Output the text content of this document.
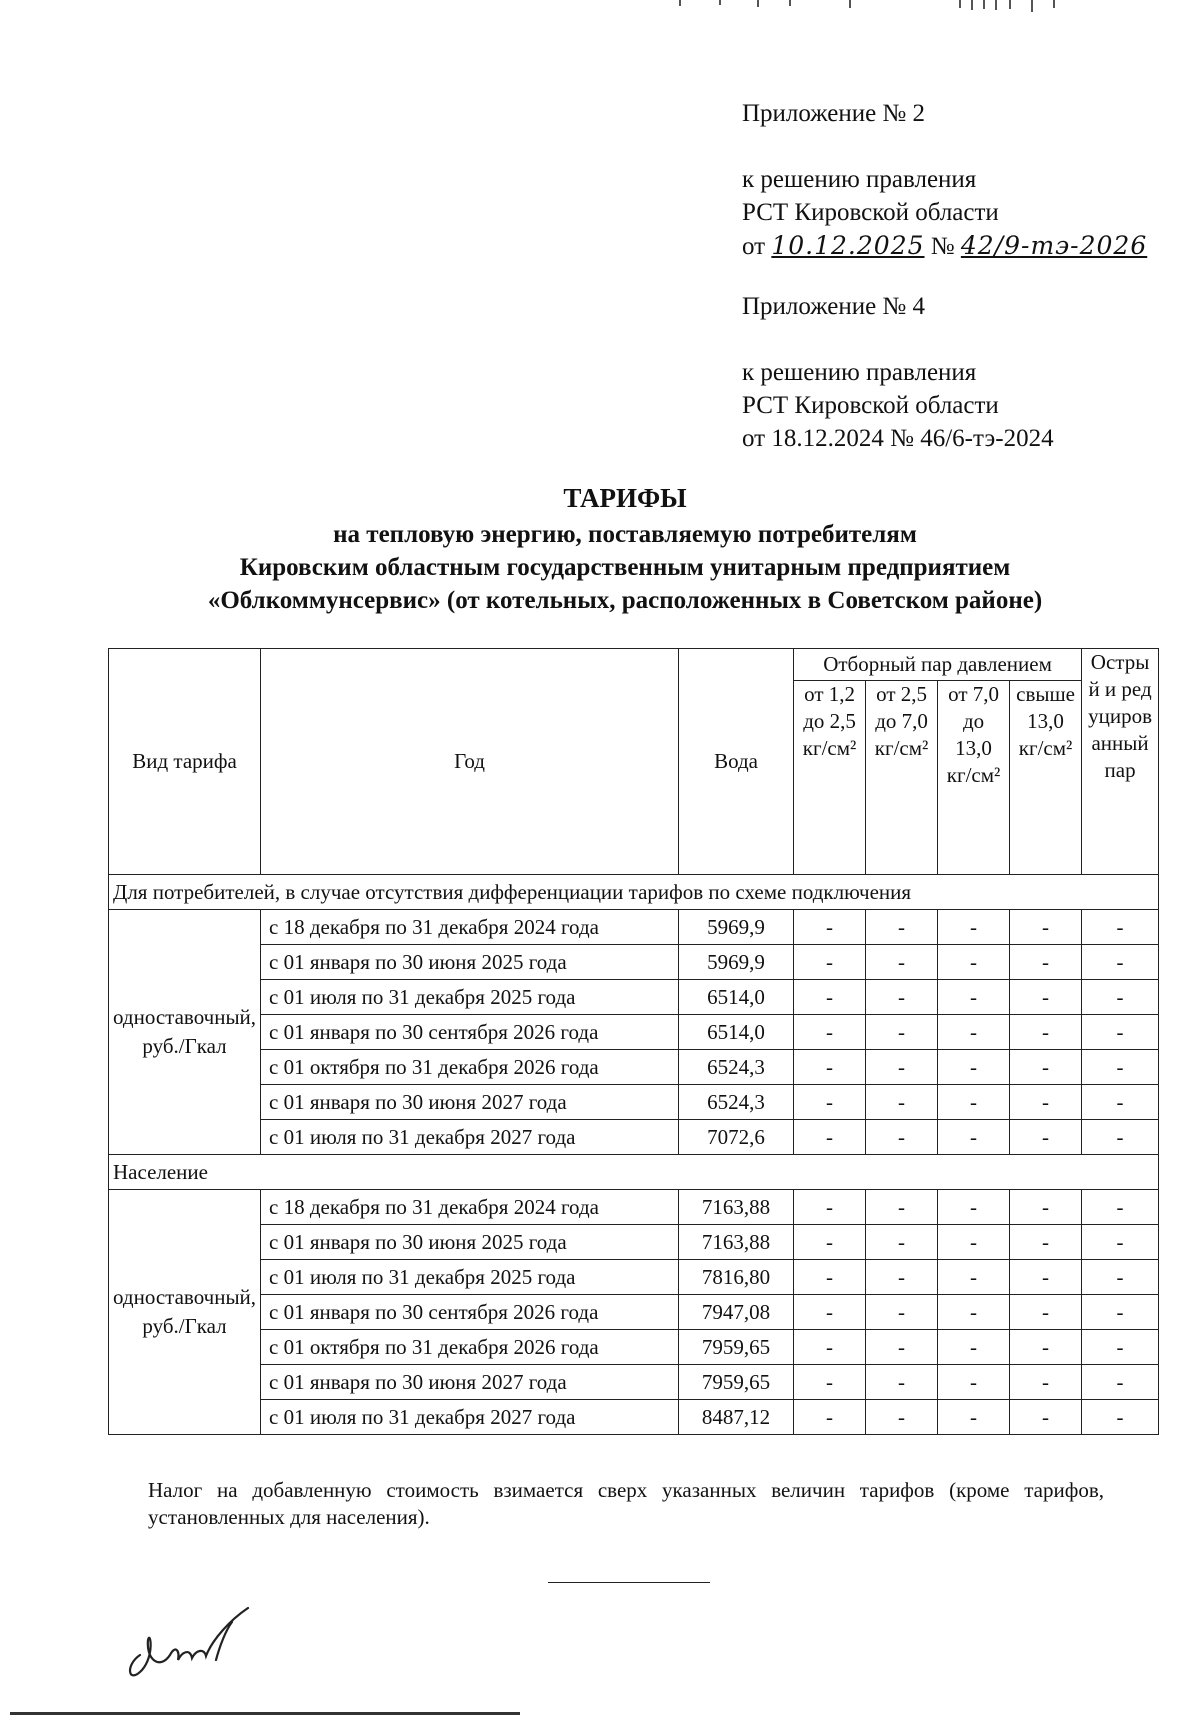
Приложение № 2
к решению правления
РСТ Кировской области
от 10.12.2025 № 42/9-тэ-2026
Приложение № 4
к решению правления
РСТ Кировской области
от 18.12.2024 № 46/6-тэ-2024
ТАРИФЫ
на тепловую энергию, поставляемую потребителям
Кировским областным государственным унитарным предприятием
«Облкоммунсервис» (от котельных, расположенных в Советском районе)
Вид тарифа	Год	Вода	Отборный пар давлением				Острый и редуцированный пар
			от 1,2 до 2,5 кг/см²	от 2,5 до 7,0 кг/см²	от 7,0 до 13,0 кг/см²	свыше 13,0 кг/см²	
Для потребителей, в случае отсутствия дифференциации тарифов по схеме подключения							
одноставочный, руб./Гкал	с 18 декабря по 31 декабря 2024 года	5969,9	-	-	-	-	-
	с 01 января по 30 июня 2025 года	5969,9	-	-	-	-	-
	с 01 июля по 31 декабря 2025 года	6514,0	-	-	-	-	-
	с 01 января по 30 сентября 2026 года	6514,0	-	-	-	-	-
	с 01 октября по 31 декабря 2026 года	6524,3	-	-	-	-	-
	с 01 января по 30 июня 2027 года	6524,3	-	-	-	-	-
	с 01 июля по 31 декабря 2027 года	7072,6	-	-	-	-	-
Население							
одноставочный, руб./Гкал	с 18 декабря по 31 декабря 2024 года	7163,88	-	-	-	-	-
	с 01 января по 30 июня 2025 года	7163,88	-	-	-	-	-
	с 01 июля по 31 декабря 2025 года	7816,80	-	-	-	-	-
	с 01 января по 30 сентября 2026 года	7947,08	-	-	-	-	-
	с 01 октября по 31 декабря 2026 года	7959,65	-	-	-	-	-
	с 01 января по 30 июня 2027 года	7959,65	-	-	-	-	-
	с 01 июля по 31 декабря 2027 года	8487,12	-	-	-	-	-
Налог на добавленную стоимость взимается сверх указанных величин тарифов (кроме тарифов, установленных для населения).
